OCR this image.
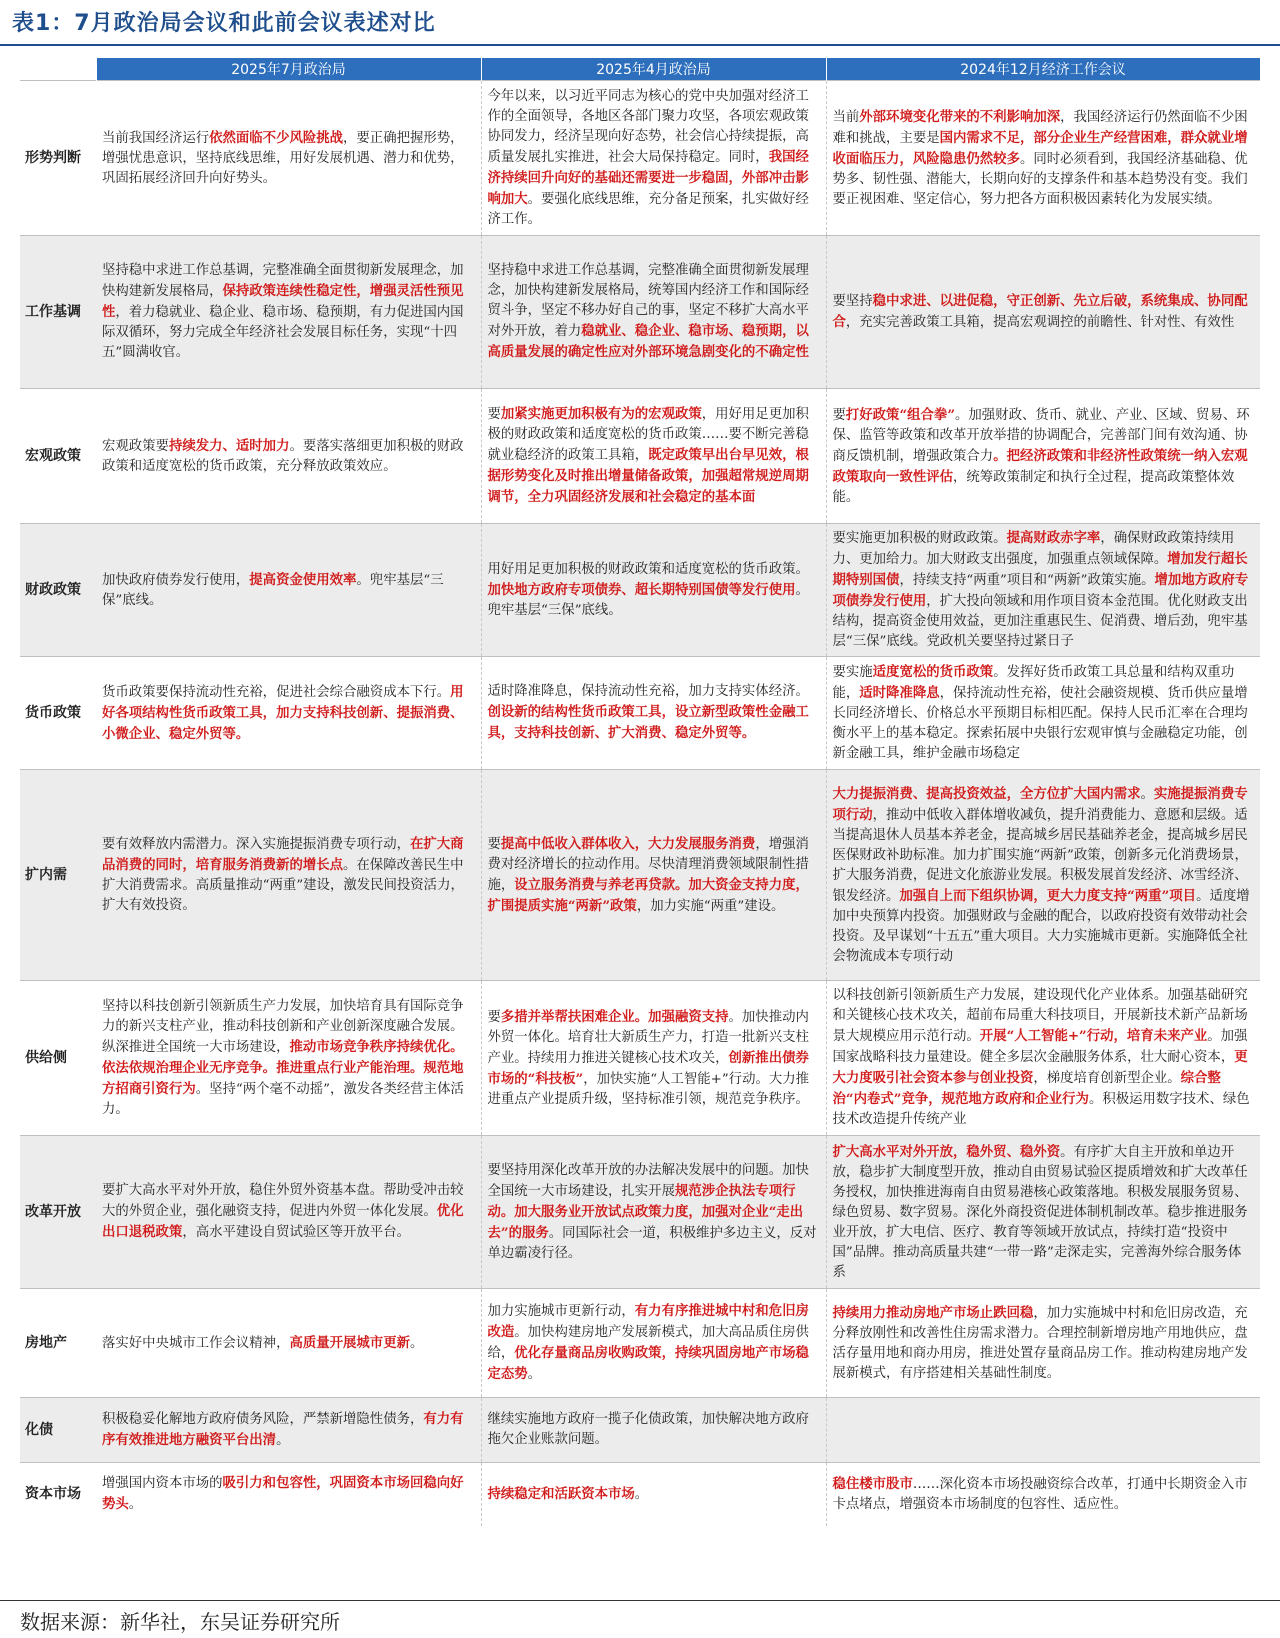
表1：7月政治局会议和此前会议表述对比
	2025年7月政治局	2025年4月政治局	2024年12月经济工作会议
形势判断	当前我国经济运行依然面临不少风险挑战，要正确把握形势，增强忧患意识，坚持底线思维，用好发展机遇、潜力和优势，巩固拓展经济回升向好势头。	今年以来，以习近平同志为核心的党中央加强对经济工作的全面领导，各地区各部门聚力攻坚，各项宏观政策协同发力，经济呈现向好态势，社会信心持续提振，高质量发展扎实推进，社会大局保持稳定。同时，我国经济持续回升向好的基础还需要进一步稳固，外部冲击影响加大。要强化底线思维，充分备足预案，扎实做好经济工作。	当前外部环境变化带来的不利影响加深，我国经济运行仍然面临不少困难和挑战，主要是国内需求不足，部分企业生产经营困难，群众就业增收面临压力，风险隐患仍然较多。同时必须看到，我国经济基础稳、优势多、韧性强、潜能大，长期向好的支撑条件和基本趋势没有变。我们要正视困难、坚定信心，努力把各方面积极因素转化为发展实绩。
工作基调	坚持稳中求进工作总基调，完整准确全面贯彻新发展理念，加快构建新发展格局，保持政策连续性稳定性，增强灵活性预见性，着力稳就业、稳企业、稳市场、稳预期，有力促进国内国际双循环，努力完成全年经济社会发展目标任务，实现“十四五”圆满收官。	坚持稳中求进工作总基调，完整准确全面贯彻新发展理念，加快构建新发展格局，统筹国内经济工作和国际经贸斗争，坚定不移办好自己的事，坚定不移扩大高水平对外开放，着力稳就业、稳企业、稳市场、稳预期，以高质量发展的确定性应对外部环境急剧变化的不确定性	要坚持稳中求进、以进促稳，守正创新、先立后破，系统集成、协同配合，充实完善政策工具箱，提高宏观调控的前瞻性、针对性、有效性
宏观政策	宏观政策要持续发力、适时加力。要落实落细更加积极的财政政策和适度宽松的货币政策，充分释放政策效应。	要加紧实施更加积极有为的宏观政策，用好用足更加积极的财政政策和适度宽松的货币政策……要不断完善稳就业稳经济的政策工具箱，既定政策早出台早见效，根据形势变化及时推出增量储备政策，加强超常规逆周期调节，全力巩固经济发展和社会稳定的基本面	要打好政策“组合拳”。加强财政、货币、就业、产业、区域、贸易、环保、监管等政策和改革开放举措的协调配合，完善部门间有效沟通、协商反馈机制，增强政策合力。把经济政策和非经济性政策统一纳入宏观政策取向一致性评估，统筹政策制定和执行全过程，提高政策整体效能。
财政政策	加快政府债券发行使用，提高资金使用效率。兜牢基层“三保”底线。	用好用足更加积极的财政政策和适度宽松的货币政策。加快地方政府专项债券、超长期特别国债等发行使用。兜牢基层“三保”底线。	要实施更加积极的财政政策。提高财政赤字率，确保财政政策持续用力、更加给力。加大财政支出强度，加强重点领域保障。增加发行超长期特别国债，持续支持“两重”项目和“两新”政策实施。增加地方政府专项债券发行使用，扩大投向领域和用作项目资本金范围。优化财政支出结构，提高资金使用效益，更加注重惠民生、促消费、增后劲，兜牢基层“三保”底线。党政机关要坚持过紧日子
货币政策	货币政策要保持流动性充裕，促进社会综合融资成本下行。用好各项结构性货币政策工具，加力支持科技创新、提振消费、小微企业、稳定外贸等。	适时降准降息，保持流动性充裕，加力支持实体经济。创设新的结构性货币政策工具，设立新型政策性金融工具，支持科技创新、扩大消费、稳定外贸等。	要实施适度宽松的货币政策。发挥好货币政策工具总量和结构双重功能，适时降准降息，保持流动性充裕，使社会融资规模、货币供应量增长同经济增长、价格总水平预期目标相匹配。保持人民币汇率在合理均衡水平上的基本稳定。探索拓展中央银行宏观审慎与金融稳定功能，创新金融工具，维护金融市场稳定
扩内需	要有效释放内需潜力。深入实施提振消费专项行动，在扩大商品消费的同时，培育服务消费新的增长点。在保障改善民生中扩大消费需求。高质量推动“两重”建设，激发民间投资活力，扩大有效投资。	要提高中低收入群体收入，大力发展服务消费，增强消费对经济增长的拉动作用。尽快清理消费领域限制性措施，设立服务消费与养老再贷款。加大资金支持力度，扩围提质实施“两新”政策，加力实施“两重”建设。	大力提振消费、提高投资效益，全方位扩大国内需求。实施提振消费专项行动，推动中低收入群体增收减负，提升消费能力、意愿和层级。适当提高退休人员基本养老金，提高城乡居民基础养老金，提高城乡居民医保财政补助标准。加力扩围实施“两新”政策，创新多元化消费场景，扩大服务消费，促进文化旅游业发展。积极发展首发经济、冰雪经济、银发经济。加强自上而下组织协调，更大力度支持“两重”项目。适度增加中央预算内投资。加强财政与金融的配合，以政府投资有效带动社会投资。及早谋划“十五五”重大项目。大力实施城市更新。实施降低全社会物流成本专项行动
供给侧	坚持以科技创新引领新质生产力发展，加快培育具有国际竞争力的新兴支柱产业，推动科技创新和产业创新深度融合发展。纵深推进全国统一大市场建设，推动市场竞争秩序持续优化。依法依规治理企业无序竞争。推进重点行业产能治理。规范地方招商引资行为。坚持“两个毫不动摇”，激发各类经营主体活力。	要多措并举帮扶困难企业。加强融资支持。加快推动内外贸一体化。培育壮大新质生产力，打造一批新兴支柱产业。持续用力推进关键核心技术攻关，创新推出债券市场的“科技板”，加快实施“人工智能+”行动。大力推进重点产业提质升级，坚持标准引领，规范竞争秩序。	以科技创新引领新质生产力发展，建设现代化产业体系。加强基础研究和关键核心技术攻关，超前布局重大科技项目，开展新技术新产品新场景大规模应用示范行动。开展“人工智能+”行动，培育未来产业。加强国家战略科技力量建设。健全多层次金融服务体系，壮大耐心资本，更大力度吸引社会资本参与创业投资，梯度培育创新型企业。综合整治“内卷式”竞争，规范地方政府和企业行为。积极运用数字技术、绿色技术改造提升传统产业
改革开放	要扩大高水平对外开放，稳住外贸外资基本盘。帮助受冲击较大的外贸企业，强化融资支持，促进内外贸一体化发展。优化出口退税政策，高水平建设自贸试验区等开放平台。	要坚持用深化改革开放的办法解决发展中的问题。加快全国统一大市场建设，扎实开展规范涉企执法专项行动。加大服务业开放试点政策力度，加强对企业“走出去”的服务。同国际社会一道，积极维护多边主义，反对单边霸凌行径。	扩大高水平对外开放，稳外贸、稳外资。有序扩大自主开放和单边开放，稳步扩大制度型开放，推动自由贸易试验区提质增效和扩大改革任务授权，加快推进海南自由贸易港核心政策落地。积极发展服务贸易、绿色贸易、数字贸易。深化外商投资促进体制机制改革。稳步推进服务业开放，扩大电信、医疗、教育等领域开放试点，持续打造“投资中国”品牌。推动高质量共建“一带一路”走深走实，完善海外综合服务体系
房地产	落实好中央城市工作会议精神，高质量开展城市更新。	加力实施城市更新行动，有力有序推进城中村和危旧房改造。加快构建房地产发展新模式，加大高品质住房供给，优化存量商品房收购政策，持续巩固房地产市场稳定态势。	持续用力推动房地产市场止跌回稳，加力实施城中村和危旧房改造，充分释放刚性和改善性住房需求潜力。合理控制新增房地产用地供应，盘活存量用地和商办用房，推进处置存量商品房工作。推动构建房地产发展新模式，有序搭建相关基础性制度。
化债	积极稳妥化解地方政府债务风险，严禁新增隐性债务，有力有序有效推进地方融资平台出清。	继续实施地方政府一揽子化债政策，加快解决地方政府拖欠企业账款问题。	
资本市场	增强国内资本市场的吸引力和包容性，巩固资本市场回稳向好势头。	持续稳定和活跃资本市场。	稳住楼市股市……深化资本市场投融资综合改革，打通中长期资金入市卡点堵点，增强资本市场制度的包容性、适应性。
数据来源：新华社，东吴证券研究所
